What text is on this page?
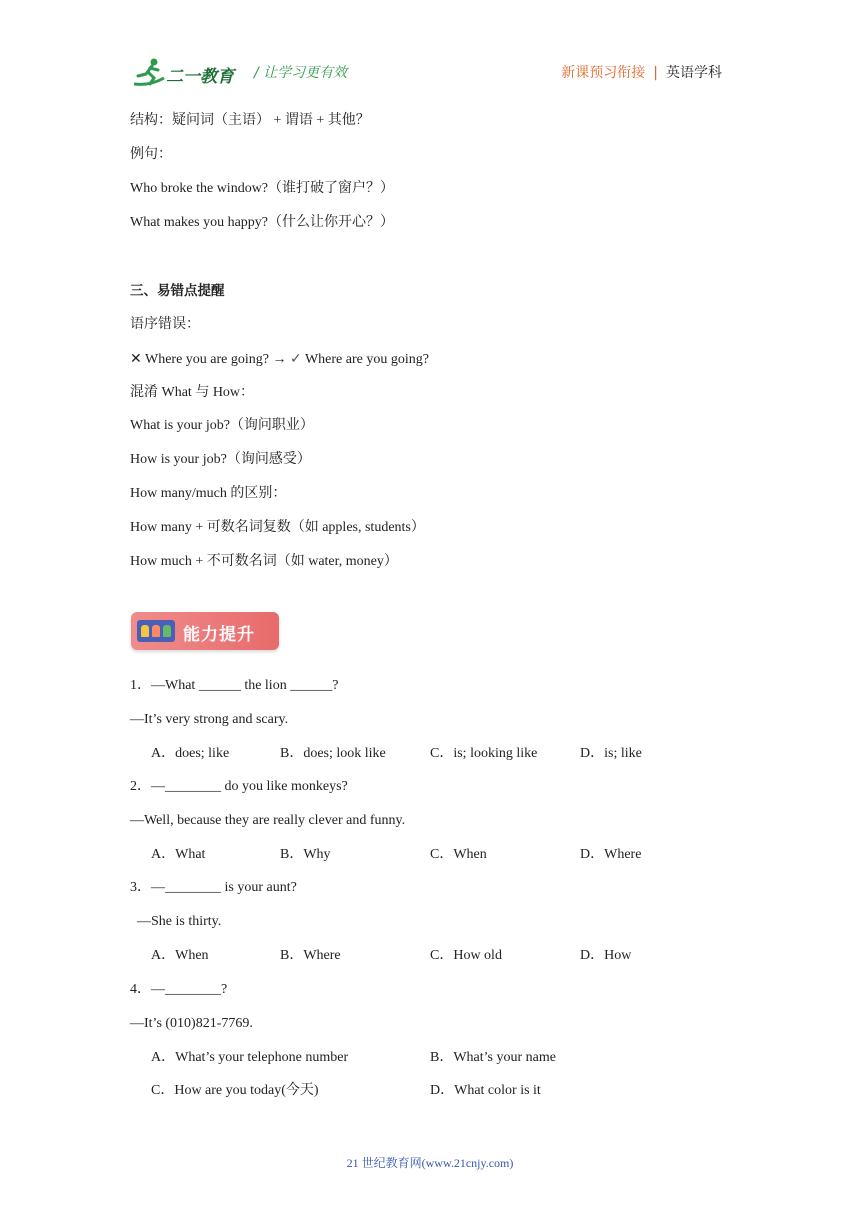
二一教育 / 让学习更有效	新课预习衔接 | 英语学科
结构：疑问词（主语） + 谓语 + 其他？
例句：
Who broke the window?（谁打破了窗户？）
What makes you happy?（什么让你开心？）
三、易错点提醒
语序错误：
✕ Where you are going? → ✓ Where are you going?
混淆 What 与 How：
What is your job?（询问职业）
How is your job?（询问感受）
How many/much 的区别：
How many + 可数名词复数（如 apples, students）
How much + 不可数名词（如 water, money）
能力提升
1．—What ______ the lion ______?
—It’s very strong and scary.
A．does; like	B．does; look like	C．is; looking like	D．is; like
2．—________ do you like monkeys?
—Well, because they are really clever and funny.
A．What	B．Why	C．When	D．Where
3．—________ is your aunt?
—She is thirty.
A．When	B．Where	C．How old	D．How
4．—________?
—It’s (010)821-7769.
A．What’s your telephone number	B．What’s your name
C．How are you today(今天)	D．What color is it
21 世纪教育网(www.21cnjy.com)
